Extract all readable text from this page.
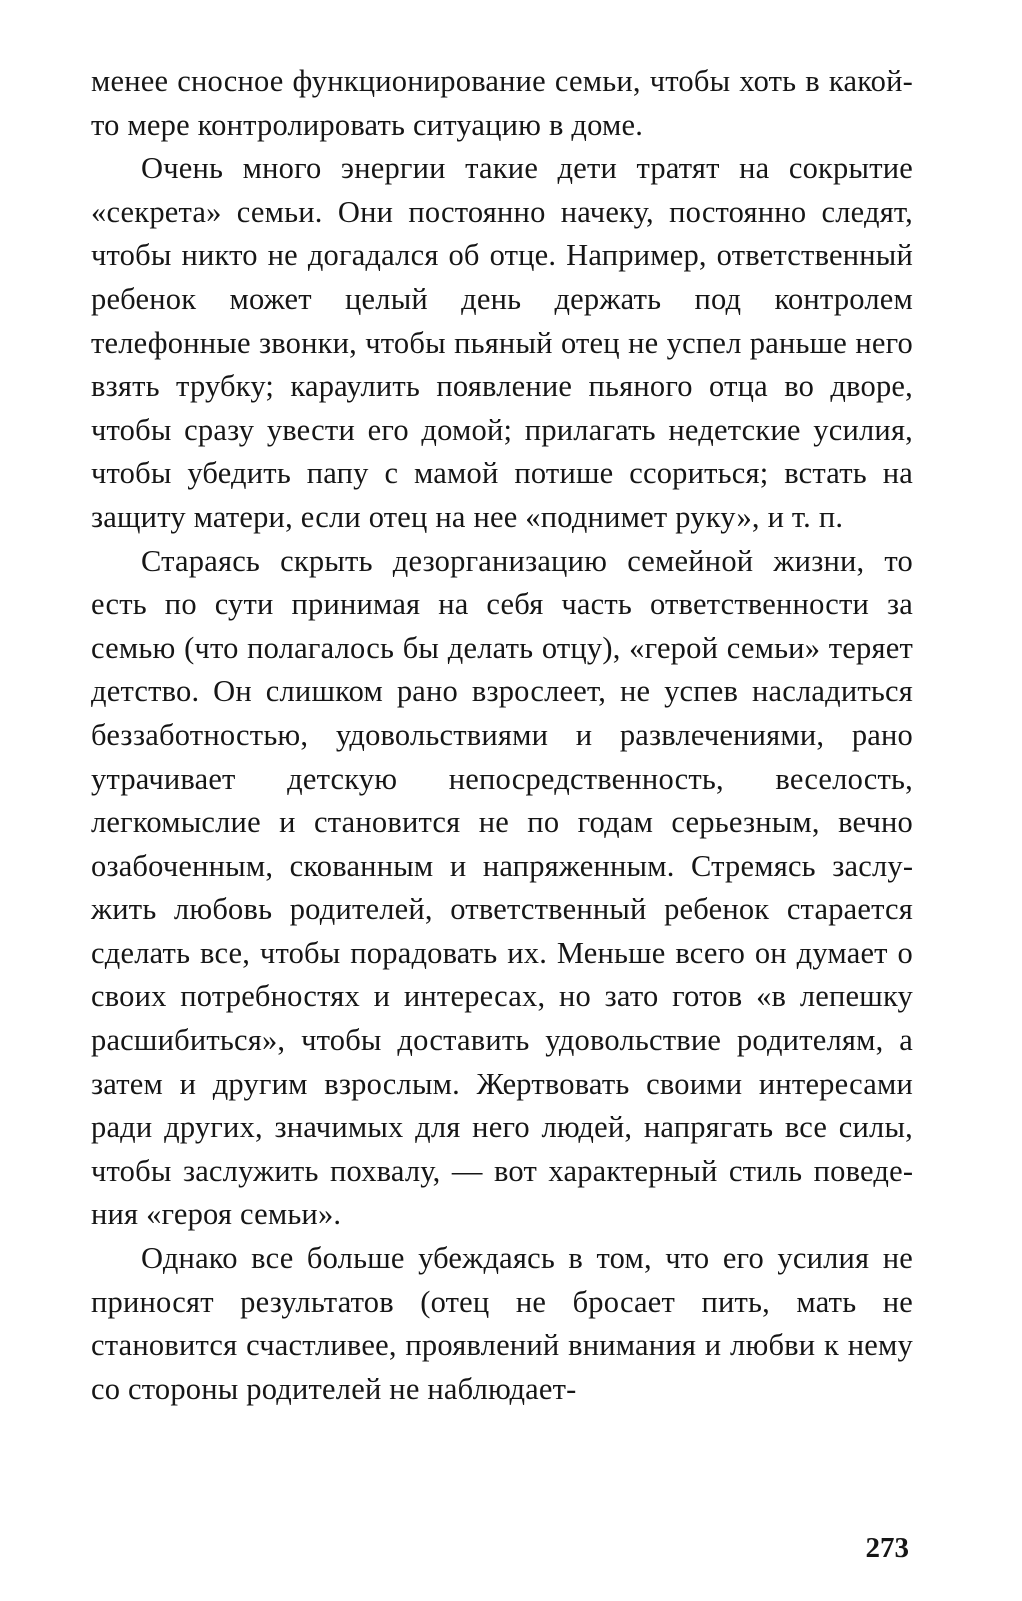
менее сносное функционирование семьи, чтобы хоть в какой-то мере контролировать ситуацию в доме.

Очень много энергии такие дети тратят на сокрытие «секрета» семьи. Они постоянно начеку, постоянно следят, чтобы никто не догадался об отце. Например, ответственный ребенок может целый день держать под контролем телефонные звонки, чтобы пьяный отец не успел раньше него взять трубку; караулить появление пьяного отца во дворе, чтобы сразу увести его домой; прилагать недетские усилия, чтобы убедить папу с мамой потише ссориться; встать на защиту матери, если отец на нее «поднимет руку», и т. п.

Стараясь скрыть дезорганизацию семейной жизни, то есть по сути принимая на себя часть ответственности за семью (что полагалось бы делать отцу), «герой семьи» теряет детство. Он слишком рано взрослеет, не успев насладиться беззаботностью, удовольствиями и развлечениями, рано утрачивает детскую непосредственность, веселость, легкомыслие и становится не по годам серьезным, вечно озабоченным, скованным и напряженным. Стремясь заслужить любовь родителей, ответственный ребенок старается сделать все, чтобы порадовать их. Меньше всего он думает о своих потребностях и интересах, но зато готов «в лепешку расшибиться», чтобы доставить удовольствие родителям, а затем и другим взрослым. Жертвовать своими интересами ради других, значимых для него людей, напрягать все силы, чтобы заслужить похвалу, — вот характерный стиль поведения «героя семьи».

Однако все больше убеждаясь в том, что его усилия не приносят результатов (отец не бросает пить, мать не становится счастливее, проявлений внимания и любви к нему со стороны родителей не наблюдает-

273
